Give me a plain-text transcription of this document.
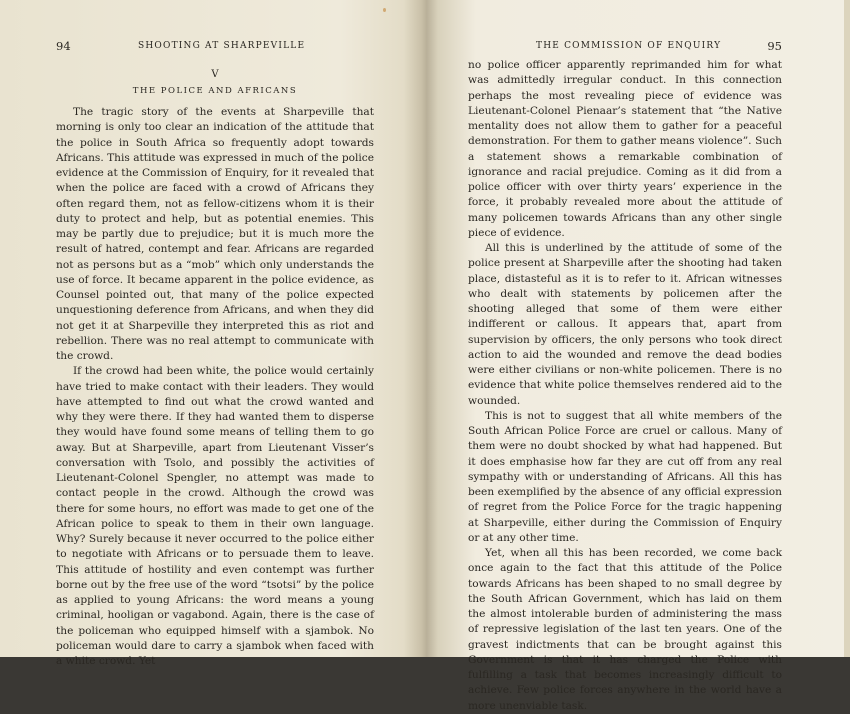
94	SHOOTING AT SHARPEVILLE
V
THE POLICE AND AFRICANS

The tragic story of the events at Sharpeville that morning is only too clear an indication of the attitude that the police in South Africa so frequently adopt towards Africans. This attitude was expressed in much of the police evidence at the Commission of Enquiry, for it revealed that when the police are faced with a crowd of Africans they often regard them, not as fellow-citizens whom it is their duty to protect and help, but as potential enemies. This may be partly due to prejudice; but it is much more the result of hatred, contempt and fear. Africans are regarded not as persons but as a “mob” which only understands the use of force. It became apparent in the police evidence, as Counsel pointed out, that many of the police expected unquestioning deference from Africans, and when they did not get it at Sharpeville they interpreted this as riot and rebellion. There was no real attempt to communicate with the crowd.

If the crowd had been white, the police would certainly have tried to make contact with their leaders. They would have attempted to find out what the crowd wanted and why they were there. If they had wanted them to disperse they would have found some means of telling them to go away. But at Sharpeville, apart from Lieutenant Visser’s conversation with Tsolo, and possibly the activities of Lieutenant-Colonel Spengler, no attempt was made to contact people in the crowd. Although the crowd was there for some hours, no effort was made to get one of the African police to speak to them in their own language. Why? Surely because it never occurred to the police either to negotiate with Africans or to persuade them to leave. This attitude of hostility and even contempt was further borne out by the free use of the word “tsotsi” by the police as applied to young Africans: the word means a young criminal, hooligan or vagabond. Again, there is the case of the policeman who equipped himself with a sjambok. No policeman would dare to carry a sjambok when faced with a white crowd. Yet

THE COMMISSION OF ENQUIRY	95

no police officer apparently reprimanded him for what was admittedly irregular conduct. In this connection perhaps the most revealing piece of evidence was Lieutenant-Colonel Pienaar’s statement that “the Native mentality does not allow them to gather for a peaceful demonstration. For them to gather means violence”. Such a statement shows a remarkable combination of ignorance and racial prejudice. Coming as it did from a police officer with over thirty years’ experience in the force, it probably revealed more about the attitude of many policemen towards Africans than any other single piece of evidence.

All this is underlined by the attitude of some of the police present at Sharpeville after the shooting had taken place, distasteful as it is to refer to it. African witnesses who dealt with statements by policemen after the shooting alleged that some of them were either indifferent or callous. It appears that, apart from supervision by officers, the only persons who took direct action to aid the wounded and remove the dead bodies were either civilians or non-white policemen. There is no evidence that white police themselves rendered aid to the wounded.

This is not to suggest that all white members of the South African Police Force are cruel or callous. Many of them were no doubt shocked by what had happened. But it does emphasise how far they are cut off from any real sympathy with or understanding of Africans. All this has been exemplified by the absence of any official expression of regret from the Police Force for the tragic happening at Sharpeville, either during the Commission of Enquiry or at any other time.

Yet, when all this has been recorded, we come back once again to the fact that this attitude of the Police towards Africans has been shaped to no small degree by the South African Government, which has laid on them the almost intolerable burden of administering the mass of repressive legislation of the last ten years. One of the gravest indictments that can be brought against this Government is that it has charged the Police with fulfilling a task that becomes increasingly difficult to achieve. Few police forces anywhere in the world have a more unenviable task.
